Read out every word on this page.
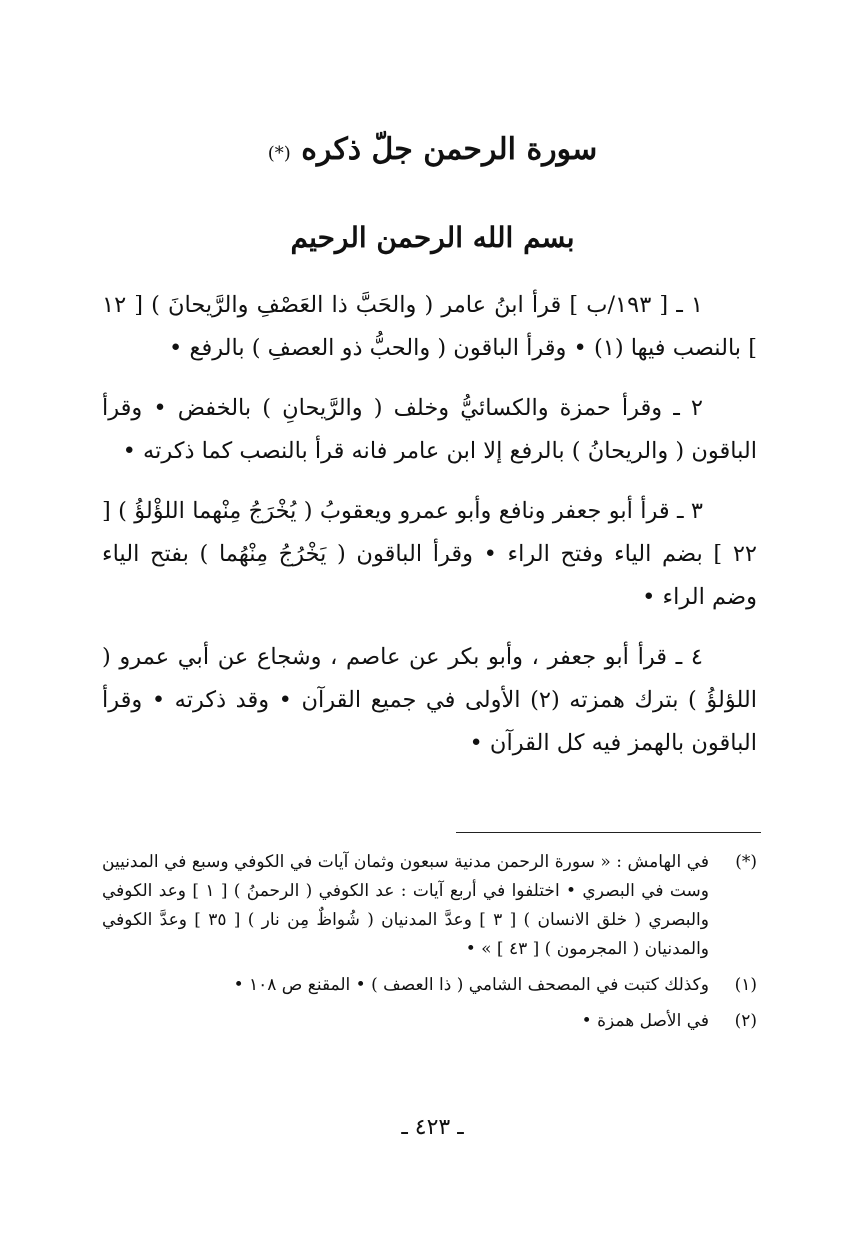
سورة الرحمن جلّ ذكره (*)
بسم الله الرحمن الرحيم

١ ـ [ ١٩٣/ب ] قرأ ابنُ عامر ( والحَبَّ ذا العَصْفِ والرَّيحانَ ) [ ١٢ ] بالنصب فيها (١) • وقرأ الباقون ( والحبُّ ذو العصفِ ) بالرفع •

٢ ـ وقرأ حمزة والكسائيُّ وخلف ( والرَّيحانِ ) بالخفض • وقرأ الباقون ( والريحانُ ) بالرفع إلا ابن عامر فانه قرأ بالنصب كما ذكرته •

٣ ـ قرأ أبو جعفر ونافع وأبو عمرو ويعقوبُ ( يُخْرَجُ مِنْهما اللؤْلؤُ ) [ ٢٢ ] بضم الياء وفتح الراء • وقرأ الباقون ( يَخْرُجُ مِنْهُما ) بفتح الياء وضم الراء •

٤ ـ قرأ أبو جعفر ، وأبو بكر عن عاصم ، وشجاع عن أبي عمرو ( اللؤلؤُ ) بترك همزته (٢) الأولى في جميع القرآن • وقد ذكرته • وقرأ الباقون بالهمز فيه كل القرآن •

(*)
في الهامش : « سورة الرحمن مدنية سبعون وثمان آيات في الكوفي وسبع في المدنيين وست في البصري • اختلفوا في أربع آيات : عد الكوفي ( الرحمنُ ) [ ١ ] وعد الكوفي والبصري ( خلق الانسان ) [ ٣ ] وعدَّ المدنيان ( شُواظٌ مِن نار ) [ ٣٥ ] وعدَّ الكوفي والمدنيان ( المجرمون ) [ ٤٣ ] » •
(١)
وكذلك كتبت في المصحف الشامي ( ذا العصف ) • المقنع ص ١٠٨ •
(٢)
في الأصل همزة •
ـ ٤٢٣ ـ
